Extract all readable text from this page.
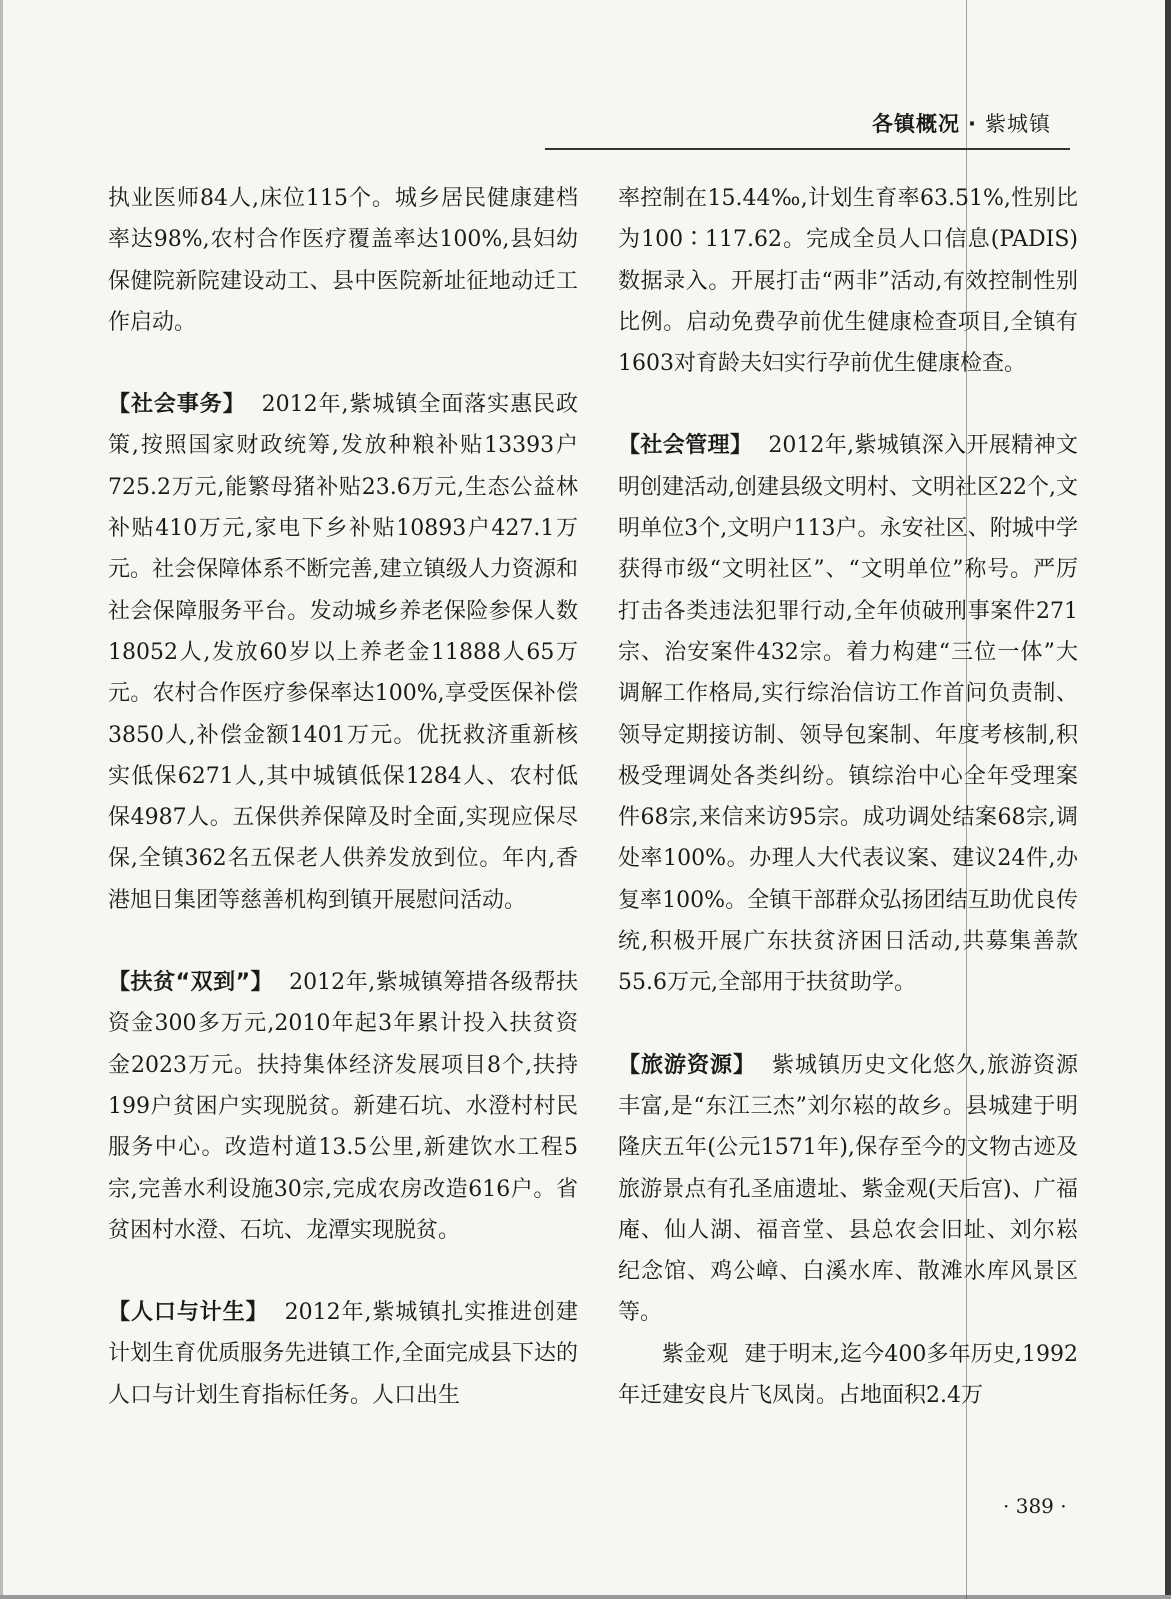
各镇概况 · 紫城镇

执业医师84人,床位115个。城乡居民健康建档率达98%,农村合作医疗覆盖率达100%,县妇幼保健院新院建设动工、县中医院新址征地动迁工作启动。

【社会事务】 2012年,紫城镇全面落实惠民政策,按照国家财政统筹,发放种粮补贴13393户725.2万元,能繁母猪补贴23.6万元,生态公益林补贴410万元,家电下乡补贴10893户427.1万元。社会保障体系不断完善,建立镇级人力资源和社会保障服务平台。发动城乡养老保险参保人数18052人,发放60岁以上养老金11888人65万元。农村合作医疗参保率达100%,享受医保补偿3850人,补偿金额1401万元。优抚救济重新核实低保6271人,其中城镇低保1284人、农村低保4987人。五保供养保障及时全面,实现应保尽保,全镇362名五保老人供养发放到位。年内,香港旭日集团等慈善机构到镇开展慰问活动。

【扶贫“双到”】 2012年,紫城镇筹措各级帮扶资金300多万元,2010年起3年累计投入扶贫资金2023万元。扶持集体经济发展项目8个,扶持199户贫困户实现脱贫。新建石坑、水澄村村民服务中心。改造村道13.5公里,新建饮水工程5宗,完善水利设施30宗,完成农房改造616户。省贫困村水澄、石坑、龙潭实现脱贫。

【人口与计生】 2012年,紫城镇扎实推进创建计划生育优质服务先进镇工作,全面完成县下达的人口与计划生育指标任务。人口出生

率控制在15.44‰,计划生育率63.51%,性别比为100∶117.62。完成全员人口信息(PADIS)数据录入。开展打击“两非”活动,有效控制性别比例。启动免费孕前优生健康检查项目,全镇有1603对育龄夫妇实行孕前优生健康检查。

【社会管理】 2012年,紫城镇深入开展精神文明创建活动,创建县级文明村、文明社区22个,文明单位3个,文明户113户。永安社区、附城中学获得市级“文明社区”、“文明单位”称号。严厉打击各类违法犯罪行动,全年侦破刑事案件271宗、治安案件432宗。着力构建“三位一体”大调解工作格局,实行综治信访工作首问负责制、领导定期接访制、领导包案制、年度考核制,积极受理调处各类纠纷。镇综治中心全年受理案件68宗,来信来访95宗。成功调处结案68宗,调处率100%。办理人大代表议案、建议24件,办复率100%。全镇干部群众弘扬团结互助优良传统,积极开展广东扶贫济困日活动,共募集善款55.6万元,全部用于扶贫助学。

【旅游资源】 紫城镇历史文化悠久,旅游资源丰富,是“东江三杰”刘尔崧的故乡。县城建于明隆庆五年(公元1571年),保存至今的文物古迹及旅游景点有孔圣庙遗址、紫金观(天后宫)、广福庵、仙人湖、福音堂、县总农会旧址、刘尔崧纪念馆、鸡公嶂、白溪水库、散滩水库风景区等。

紫金观 建于明末,迄今400多年历史,1992年迁建安良片飞凤岗。占地面积2.4万

· 389 ·
